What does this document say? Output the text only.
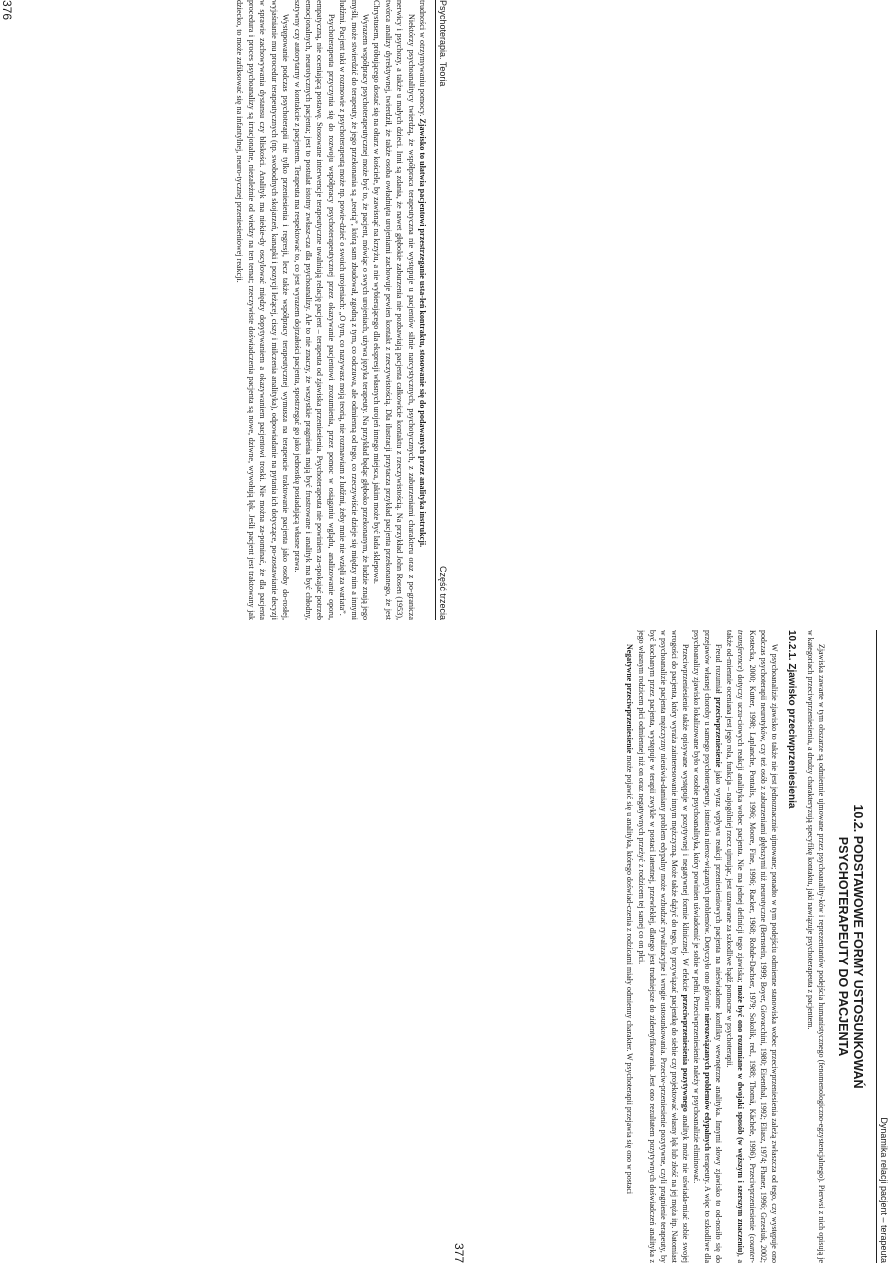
Psychoterapia. Teoria
Część trzecia

trudności w otrzymywaniu pomocy. Zjawisko to ułatwia pacjentowi przestrzeganie usta-leń kontraktu, stosowanie się do podawanych przez analityka instrukcji.

Niektórzy psychoanalitycy twierdzą, że współpraca terapeutyczna nie występuje u pacjentów silnie narcystycznych, psychotycznych, z zaburzeniami charakteru oraz z po-granicza nerwicy i psychozy, a także u małych dzieci. Inni są zdania, że nawet głębokie zaburzenia nie pozbawiają pacjenta całkowicie kontaktu z rzeczywistością. Na przykład John Rosen (1953), twórca analizy dyrektywnej, twierdził, że także osoba owładnięta urojeniami zachowuje pewien kontakt z rzeczywistością. Dla ilustracji przytacza przykład pacjenta przekonanego, że jest Chrystusem, próbującego dostać się na ołtarz w kościele, by zawisnąć na krzyżu, a nie wybierającego dla ekspresji własnych urojeń innego miejsca, jakim może być lada sklepowa.

Wyrazem współpracy psychoterapeutycznej może być to, że pacjent, mówiąc o swych urojeniach, używa języka terapeuty. Na przykład będąc głęboko przekonanym, że ludzie znają jego myśli, może stwierdzić do terapeuty, że jego przekonania są „teorią”, którą sam zbudował, zgodną z tym, co odczuwa, ale odmienną od tego, co rzeczywiście dzieje się między nim a innymi ludźmi. Pacjent taki w rozmowie z psychoterapeutą może np. powie-dzieć o swoich urojeniach: „O tym, co nazywasz moją teorią, nie rozmawiam z ludźmi, żeby mnie nie wzięli za wariata”.

Psychoterapeuta przyczynia się do rozwoju współpracy psychoterapeutycznej przez okazywanie pacjentowi zrozumienia, przez pomoc w osiąganiu wglądu, analizowanie oporu, empatyczną, nie oceniającą postawę. Stosowane interwencje terapeutyczne uwalniają relację pacjent – terapeuta od zjawiska przeniesienia. Psychoterapeuta nie powinien za-spokajać potrzeb emocjonalnych, neurotycznych pacjenta; jest to postulat istotny zwłasz-cza dla psychoanalizy. Ale to nie znaczy, że wszystkie pragnienia mają być frustrowane i analityk ma być chłodny, sztywny czy autorytarny w kontakcie z pacjentem. Terapeuta ma respektować to, co jest wyrazem dojrzałości pacjenta, spostrzegać go jako jednostkę posiadającą własne prawa.

Występowanie podczas psychoterapii nie tylko przeniesienia i regresji, lecz także współpracy terapeutycznej wymusza na terapeucie traktowanie pacjenta jako osoby do-rosłej, wyjaśnianie mu procedur terapeutycznych (np. swobodnych skojarzeń, kanapki i pozycji leżącej, ciszy i milczenia analityka), odpowiadanie na pytania ich dotyczące, po-zostawianie decyzji w sprawie zachowywania dystansu czy bliskości. Analityk ma niekie-dy oscylować między dopytywaniem a okazywaniem pacjentowi troski. Nie można za-pominać, że dla pacjenta procedura i proces psychoanalizy są irracjonalne, niezależnie od wiedzy na ten temat; rzeczywiste doświadczenia pacjenta są nowe, dziwne, wywołują lęk. Jeśli pacjent jest traktowany jak dziecko, to może zafiksować się na infantylnej, neuro-tycznej przeniesieniowej reakcji.

376
Dynamika relacji pacjent – terapeuta
10.2. PODSTAWOWE FORMY USTOSUNKOWAŃ
PSYCHOTERAPEUTY DO PACJENTA

Zjawiska zawarte w tym obszarze są odmiennie ujmowane przez psychoanality-ków i reprezentantów podejścia humanistycznego (fenomenologiczno-egzystencjalnego). Pierwsi z nich opisują je w kategoriach przeciwprzeniesienia, a drudzy charakteryzują specyfikę kontaktu, jaki nawiązuje psychoterapeuta z pacjentem.

10.2.1. Zjawisko przeciwprzeniesienia

W psychoanalizie zjawisko to także nie jest jednoznacznie ujmowane; ponadto w tym podejściu odmienne stanowiska wobec przeciwprzeniesienia zależą zwłaszcza od tego, czy występuje ono podczas psychoterapii neurotyków, czy też osób z zaburzeniami głębszymi niż neurotyczne (Bernstein, 1999; Boyer, Giovacchini, 1980; Eisenthal, 1992; Eliasz, 1974; Fhaner, 1996; Grzesiuk, 2002; Kostecka, 2000; Kutter, 1998; Laplanche, Pontalis, 1996; Moore, Fine, 1996; Racker, 1968; Rohde-Dachser, 1979; Sokolik, red., 1988; Thomä, Kächele, 1996). Przeciwprzeniesienie (counter-transference) dotyczy uczu-ciowych reakcji analityka wobec pacjenta. Nie ma jednej definicji tego zjawiska; może być ono rozumiane w dwojaki sposób (w węższym i szerszym znaczeniu), a także od-miennie oceniana jest jego rola, funkcja – najogólniej rzecz ujmując, jest uznawane za szkodliwe bądź pomocne w psychoterapii.

Freud rozumiał przeciwprzeniesienie jako wyraz wpływu reakcji przeniesieniowych pacjenta na nieświadome konflikty wewnętrzne analityka. Innymi słowy zjawisko to od-nosiło się do przejawów własnej choroby u samego psychoterapeuty, istnienia nieroz-wiązanych problemów. Dotyczyło ono głównie nierozwiązanych problemów edypalnych terapeuty. A więc to szkodliwe dla psychoanalizy zjawisko lokalizowane było w osobie psychoanalityka, który powinien uświadomić je sobie w pełni. Przeciwprzeniesienie należy w psychoanalizie eliminować.

Przeciwprzeniesienie także opisywane występuje w pozytywnej i negatywnej formie klinicznej. W efekcie przeciwprzeniesienia pozytywnego analityk może nie uświada-miać sobie swojej wrogości do pacjenta, który wyraża zainteresowanie innym mężczyzną. Może także dążyć do tego, by przywiązać pacjentkę do siebie czy projektować własny lęk lub złość na jej męża itp. Natomiast w psychoanalizie pacjenta mężczyzny nieuświa-damiany problem edypalny może wzbudzać rywalizacyjne i wrogie ustosunkowania. Przeciw-przeniesienie pozytywne, czyli pragnienie terapeuty, by być kochanym przez pacjenta, występuje w terapii zwykle w postaci latentnej, przewlekłej, dlatego jest trudniejsze do zidentyfikowania. Jest ono rezultatem pozytywnych doświadczeń analityka z jego własnym rodzicem płci odmiennej niż on oraz negatywnych przeżyć z rodzicem tej samej co on płci.

Negatywne przeciwprzeniesienie może pojawić się u analityka, którego doświad-czenia z rodzicami miały odmienny charakter. W psychoterapii przejawia się ono w postaci

377
